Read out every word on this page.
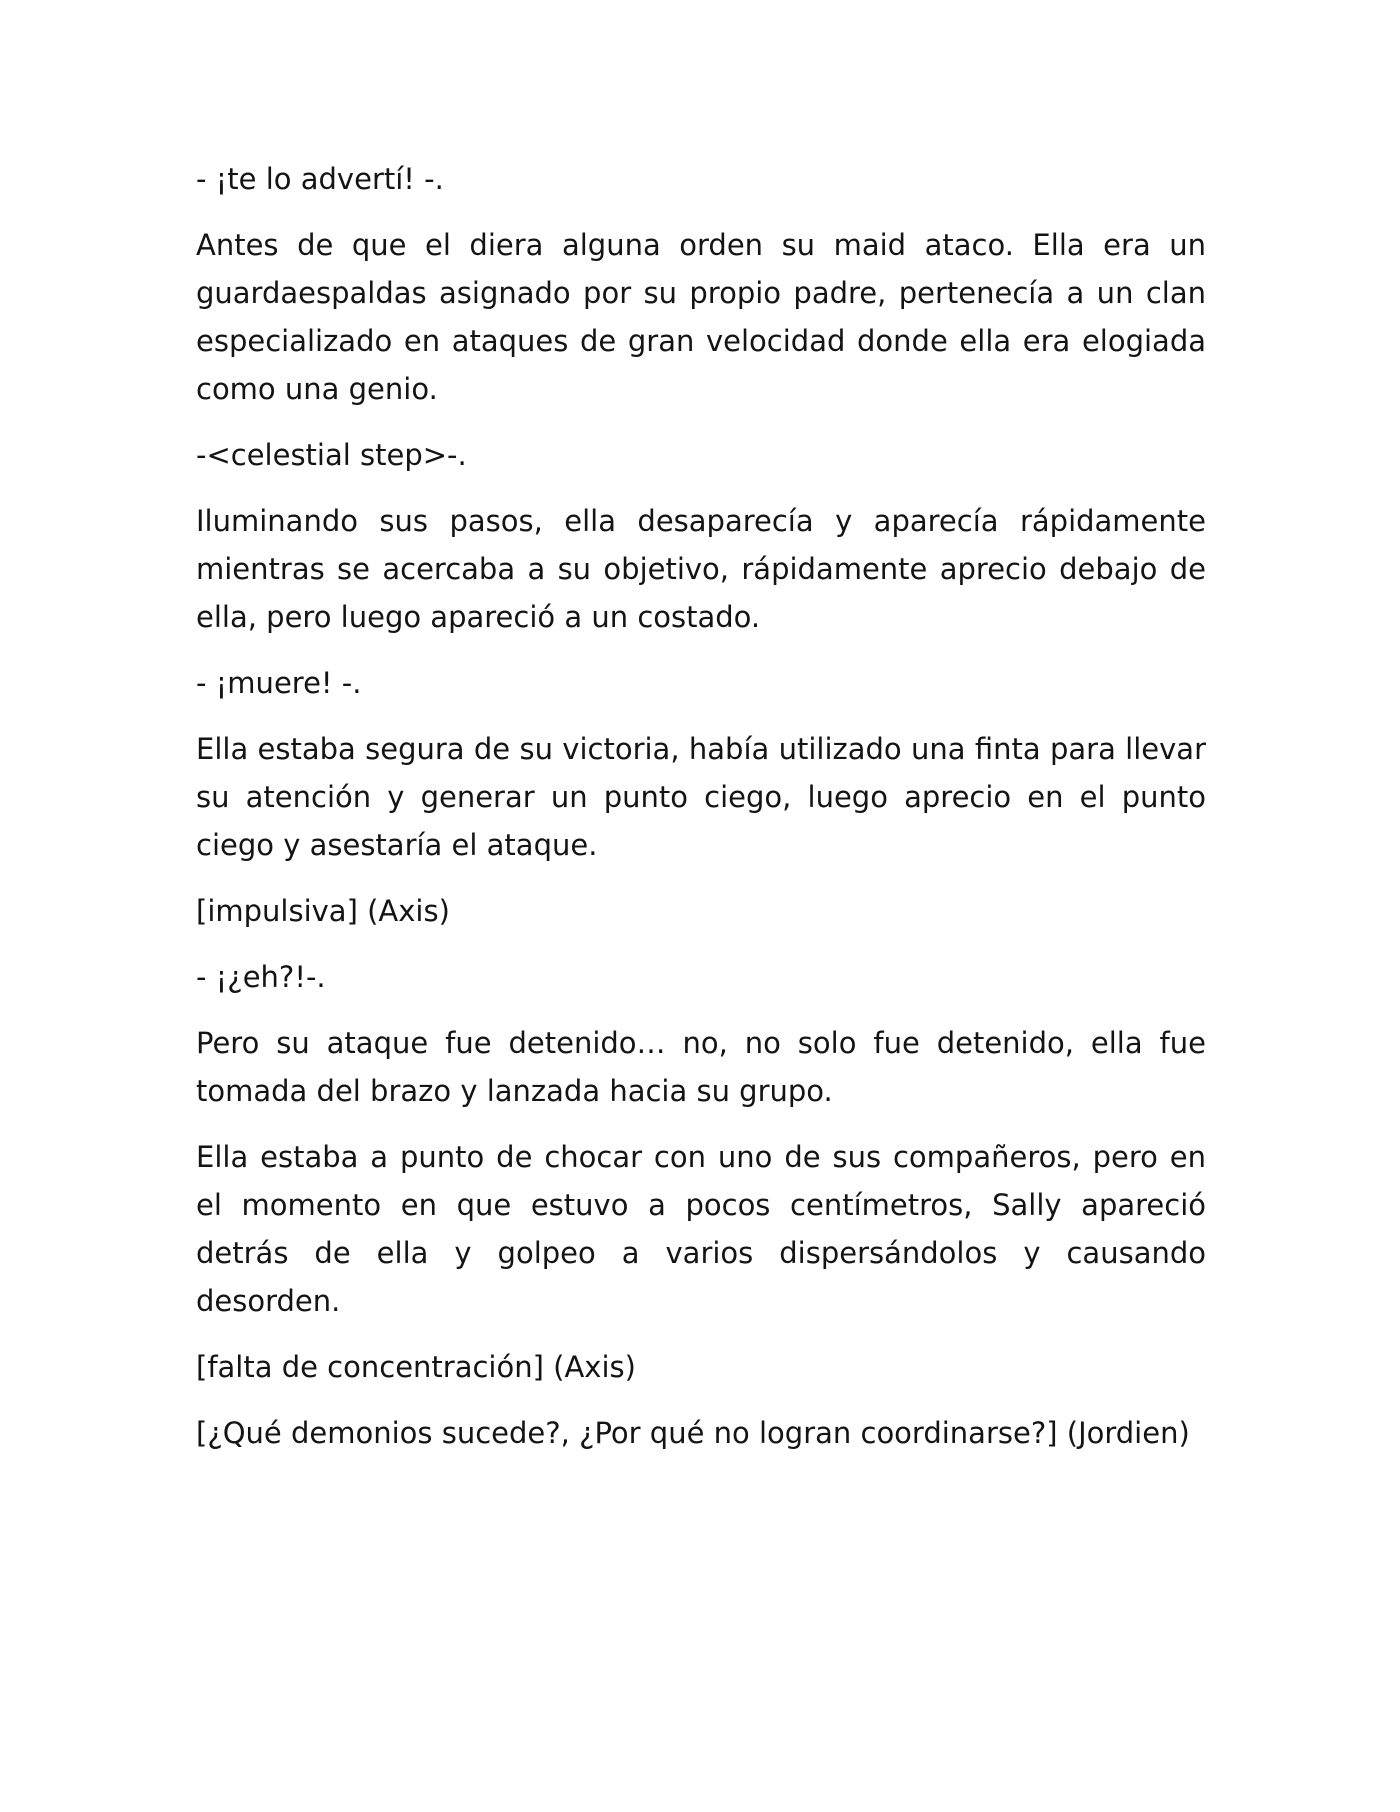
- ¡te lo advertí! -.

Antes de que el diera alguna orden su maid ataco. Ella era un guardaespaldas asignado por su propio padre, pertenecía a un clan especializado en ataques de gran velocidad donde ella era elogiada como una genio.

-<celestial step>-.

Iluminando sus pasos, ella desaparecía y aparecía rápidamente mientras se acercaba a su objetivo, rápidamente aprecio debajo de ella, pero luego apareció a un costado.

- ¡muere! -.

Ella estaba segura de su victoria, había utilizado una finta para llevar su atención y generar un punto ciego, luego aprecio en el punto ciego y asestaría el ataque.

[impulsiva] (Axis)

- ¡¿eh?!-.

Pero su ataque fue detenido… no, no solo fue detenido, ella fue tomada del brazo y lanzada hacia su grupo.

Ella estaba a punto de chocar con uno de sus compañeros, pero en el momento en que estuvo a pocos centímetros, Sally apareció detrás de ella y golpeo a varios dispersándolos y causando desorden.

[falta de concentración] (Axis)

[¿Qué demonios sucede?, ¿Por qué no logran coordinarse?] (Jordien)
